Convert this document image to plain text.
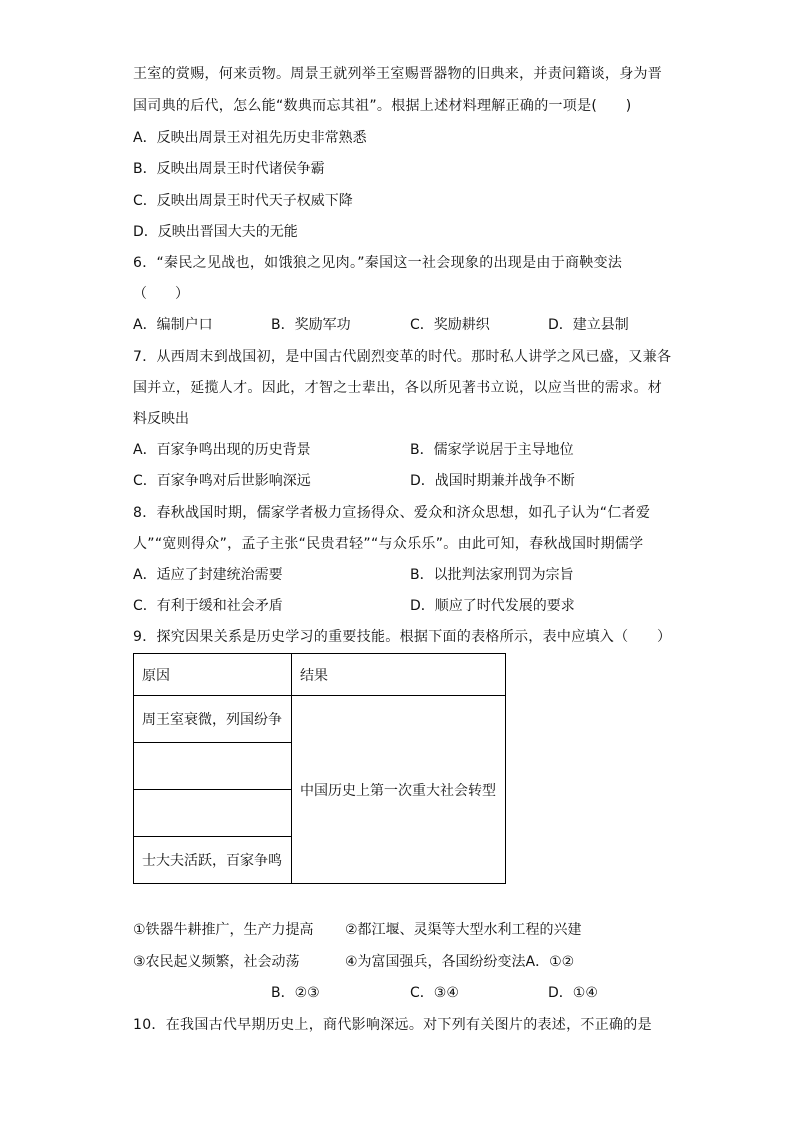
王室的赏赐，何来贡物。周景王就列举王室赐晋器物的旧典来，并责问籍谈，身为晋
国司典的后代，怎么能“数典而忘其祖”。根据上述材料理解正确的一项是(　　)
A．反映出周景王对祖先历史非常熟悉
B．反映出周景王时代诸侯争霸
C．反映出周景王时代天子权威下降
D．反映出晋国大夫的无能
6．“秦民之见战也，如饿狼之见肉。”秦国这一社会现象的出现是由于商鞅变法
（　　）
A．编制户口	B．奖励军功	C．奖励耕织	D．建立县制
7．从西周末到战国初，是中国古代剧烈变革的时代。那时私人讲学之风已盛，又兼各
国并立，延揽人才。因此，才智之士辈出，各以所见著书立说，以应当世的需求。材
料反映出
A．百家争鸣出现的历史背景	B．儒家学说居于主导地位
C．百家争鸣对后世影响深远	D．战国时期兼并战争不断
8．春秋战国时期，儒家学者极力宣扬得众、爱众和济众思想，如孔子认为“仁者爱
人”“宽则得众”，孟子主张“民贵君轻”“与众乐乐”。由此可知，春秋战国时期儒学
A．适应了封建统治需要	B．以批判法家刑罚为宗旨
C．有利于缓和社会矛盾	D．顺应了时代发展的要求
9．探究因果关系是历史学习的重要技能。根据下面的表格所示，表中应填入（　　）
原因	结果
周王室衰微，列国纷争	中国历史上第一次重大社会转型

士大夫活跃，百家争鸣	
①铁器牛耕推广，生产力提高 ②都江堰、灵渠等大型水利工程的兴建
③农民起义频繁，社会动荡	④为富国强兵，各国纷纷变法A．①②
B．②③	C．③④	D．①④
10．在我国古代早期历史上，商代影响深远。对下列有关图片的表述，不正确的是
